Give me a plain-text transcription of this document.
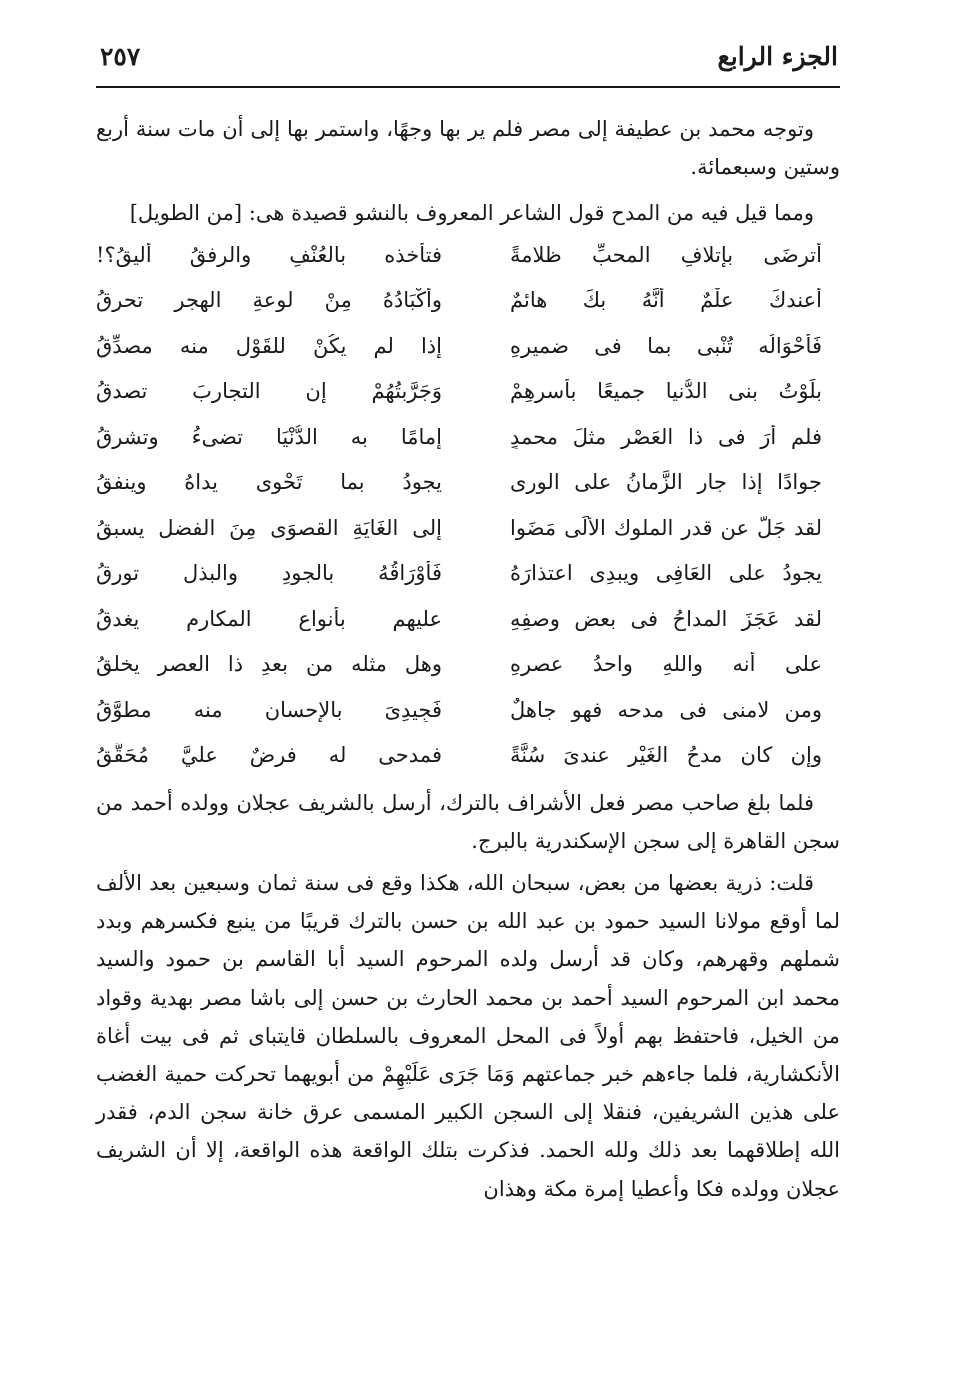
الجزء الرابع
٢٥٧

وتوجه محمد بن عطيفة إلى مصر فلم ير بها وجهًا، واستمر بها إلى أن مات سنة أربع وستين وسبعمائة.

ومما قيل فيه من المدح قول الشاعر المعروف بالنشو قصيدة هى: [من الطويل]
أترضَى بإتلافِ المحبِّ ظلامةً
فتأخذه بالعُنْفِ والرفقُ أليقُ؟!
أعندكَ علْمٌ أنَّهُ بكَ هائمٌ
وأَكْبَادُهُ مِنْ لوعةِ الهجرِ تحرقُ
فَأَحْوَالُه تُنْبى بما فى ضميرِهِ
إذا لم يكُنْ للقَوْلِ منه مصدِّقُ
بلَوْتُ بنى الدُّنيا جميعًا بأسرِهِمْ
وَجَرَّبتُهُمْ إن التجاربَ تصدقُ
فلم أرَ فى ذا العَصْرِ مثلَ محمدٍ
إمامًا به الدُّنْيَا تضىءُ وتشرقُ
جوادًا إذا جار الزَّمانُ على الورى
يجودُ بما تَحْوى يداهُ وينفقُ
لقد جَلَّ عن قدر الملوك الأُلَى مَضَوا
إلى الغَايَةِ القصوَى مِنَ الفضلِ يسبقُ
يجودُ على العَافِى ويبدِى اعتذارَهُ
فَأَوْرَاقُهُ بالجودِ والبذلِ تورقُ
لقد عَجَزَ المداحُ فى بعضِ وصفِهِ
عليهم بأنواعِ المكارمِ يغدقُ
على أنه واللهِ واحدُ عصرِهِ
وهل مثله من بعدِ ذا العصرِ يخلقُ
ومن لامنى فى مدحه فهو جاهلٌ
فَجِيدِىَ بالإحسانِ منه مطوَّقُ
وإن كان مدحُ الغَيْرِ عندىَ سُنَّةً
فمدحى له فرضٌ عليَّ مُحَقَّقُ

فلما بلغ صاحب مصر فعل الأشراف بالترك، أرسل بالشريف عجلان وولده أحمد من سجن القاهرة إلى سجن الإسكندرية بالبرج.

قلت: ذرية بعضها من بعض، سبحان الله، هكذا وقع فى سنة ثمان وسبعين بعد الألف لما أوقع مولانا السيد حمود بن عبد الله بن حسن بالترك قريبًا من ينبع فكسرهم وبدد شملهم وقهرهم، وكان قد أرسل ولده المرحوم السيد أبا القاسم بن حمود والسيد محمد ابن المرحوم السيد أحمد بن محمد الحارث بن حسن إلى باشا مصر بهدية وقواد من الخيل، فاحتفظ بهم أولاً فى المحل المعروف بالسلطان قايتباى ثم فى بيت أغاة الأنكشارية، فلما جاءهم خبر جماعتهم وَمَا جَرَى عَلَيْهِمْ من أبويهما تحركت حمية الغضب على هذين الشريفين، فنقلا إلى السجن الكبير المسمى عرق خانة سجن الدم، فقدر الله إطلاقهما بعد ذلك ولله الحمد. فذكرت بتلك الواقعة هذه الواقعة، إلا أن الشريف عجلان وولده فكا وأعطيا إمرة مكة وهذان
